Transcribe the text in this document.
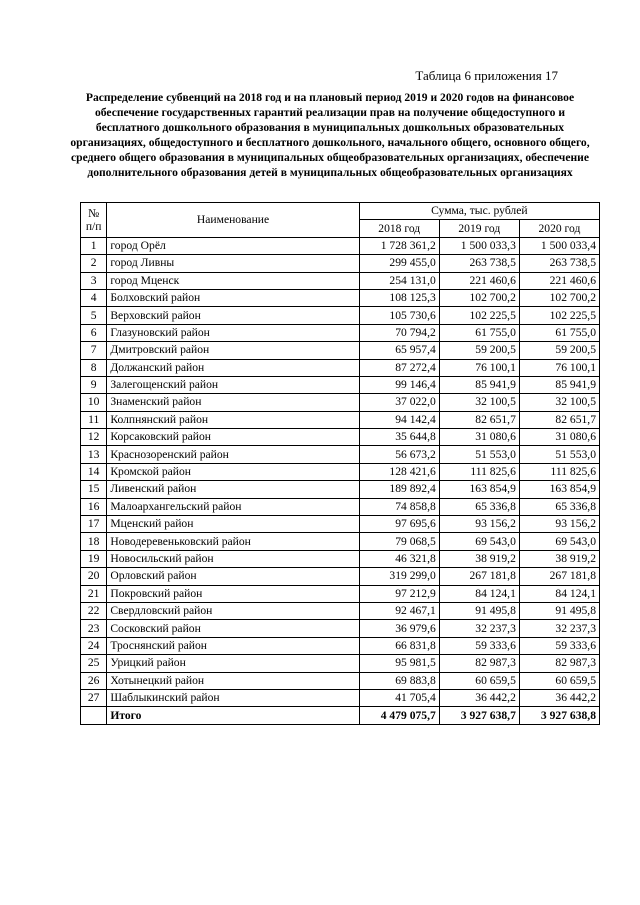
Таблица 6 приложения 17
Распределение субвенций на 2018 год и на плановый период 2019 и 2020 годов на финансовое обеспечение государственных гарантий реализации прав на получение общедоступного и бесплатного дошкольного образования в муниципальных дошкольных образовательных организациях, общедоступного и бесплатного дошкольного, начального общего, основного общего, среднего общего образования в муниципальных общеобразовательных организациях, обеспечение дополнительного образования детей в муниципальных общеобразовательных организациях
№
п/п	Наименование	Сумма, тыс. рублей		
		2018 год	2019 год	2020 год
1	город Орёл	1 728 361,2	1 500 033,3	1 500 033,4
2	город Ливны	299 455,0	263 738,5	263 738,5
3	город Мценск	254 131,0	221 460,6	221 460,6
4	Болховский район	108 125,3	102 700,2	102 700,2
5	Верховский район	105 730,6	102 225,5	102 225,5
6	Глазуновский район	70 794,2	61 755,0	61 755,0
7	Дмитровский район	65 957,4	59 200,5	59 200,5
8	Должанский район	87 272,4	76 100,1	76 100,1
9	Залегощенский район	99 146,4	85 941,9	85 941,9
10	Знаменский район	37 022,0	32 100,5	32 100,5
11	Колпнянский район	94 142,4	82 651,7	82 651,7
12	Корсаковский район	35 644,8	31 080,6	31 080,6
13	Краснозоренский район	56 673,2	51 553,0	51 553,0
14	Кромской район	128 421,6	111 825,6	111 825,6
15	Ливенский район	189 892,4	163 854,9	163 854,9
16	Малоархангельский район	74 858,8	65 336,8	65 336,8
17	Мценский район	97 695,6	93 156,2	93 156,2
18	Новодеревеньковский район	79 068,5	69 543,0	69 543,0
19	Новосильский район	46 321,8	38 919,2	38 919,2
20	Орловский район	319 299,0	267 181,8	267 181,8
21	Покровский район	97 212,9	84 124,1	84 124,1
22	Свердловский район	92 467,1	91 495,8	91 495,8
23	Сосковский район	36 979,6	32 237,3	32 237,3
24	Троснянский район	66 831,8	59 333,6	59 333,6
25	Урицкий район	95 981,5	82 987,3	82 987,3
26	Хотынецкий район	69 883,8	60 659,5	60 659,5
27	Шаблыкинский район	41 705,4	36 442,2	36 442,2
	Итого	4 479 075,7	3 927 638,7	3 927 638,8
